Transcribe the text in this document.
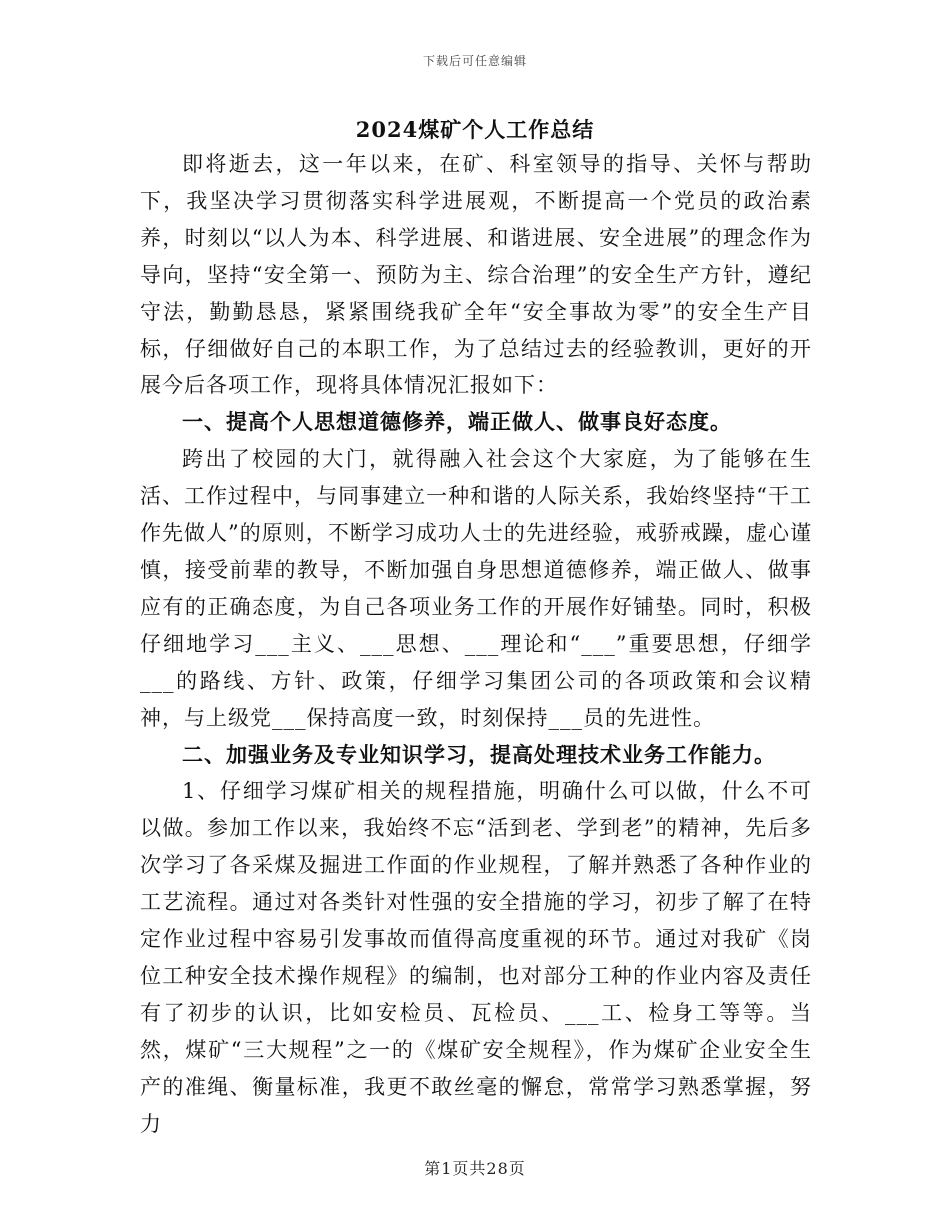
下载后可任意编辑
2024煤矿个人工作总结

即将逝去，这一年以来，在矿、科室领导的指导、关怀与帮助下，我坚决学习贯彻落实科学进展观，不断提高一个党员的政治素养，时刻以“以人为本、科学进展、和谐进展、安全进展”的理念作为导向，坚持“安全第一、预防为主、综合治理”的安全生产方针，遵纪守法，勤勤恳恳，紧紧围绕我矿全年“安全事故为零”的安全生产目标，仔细做好自己的本职工作，为了总结过去的经验教训，更好的开展今后各项工作，现将具体情况汇报如下：

一、提高个人思想道德修养，端正做人、做事良好态度。

跨出了校园的大门，就得融入社会这个大家庭，为了能够在生活、工作过程中，与同事建立一种和谐的人际关系，我始终坚持“干工作先做人”的原则，不断学习成功人士的先进经验，戒骄戒躁，虚心谨慎，接受前辈的教导，不断加强自身思想道德修养，端正做人、做事应有的正确态度，为自己各项业务工作的开展作好铺垫。同时，积极仔细地学习___主义、___思想、___理论和“___”重要思想，仔细学___的路线、方针、政策，仔细学习集团公司的各项政策和会议精神，与上级党___保持高度一致，时刻保持___员的先进性。

二、加强业务及专业知识学习，提高处理技术业务工作能力。

1、仔细学习煤矿相关的规程措施，明确什么可以做，什么不可以做。参加工作以来，我始终不忘“活到老、学到老”的精神，先后多次学习了各采煤及掘进工作面的作业规程，了解并熟悉了各种作业的工艺流程。通过对各类针对性强的安全措施的学习，初步了解了在特定作业过程中容易引发事故而值得高度重视的环节。通过对我矿《岗位工种安全技术操作规程》的编制，也对部分工种的作业内容及责任有了初步的认识，比如安检员、瓦检员、___工、检身工等等。当然，煤矿“三大规程”之一的《煤矿安全规程》，作为煤矿企业安全生产的准绳、衡量标准，我更不敢丝毫的懈怠，常常学习熟悉掌握，努力

第1页共28页
